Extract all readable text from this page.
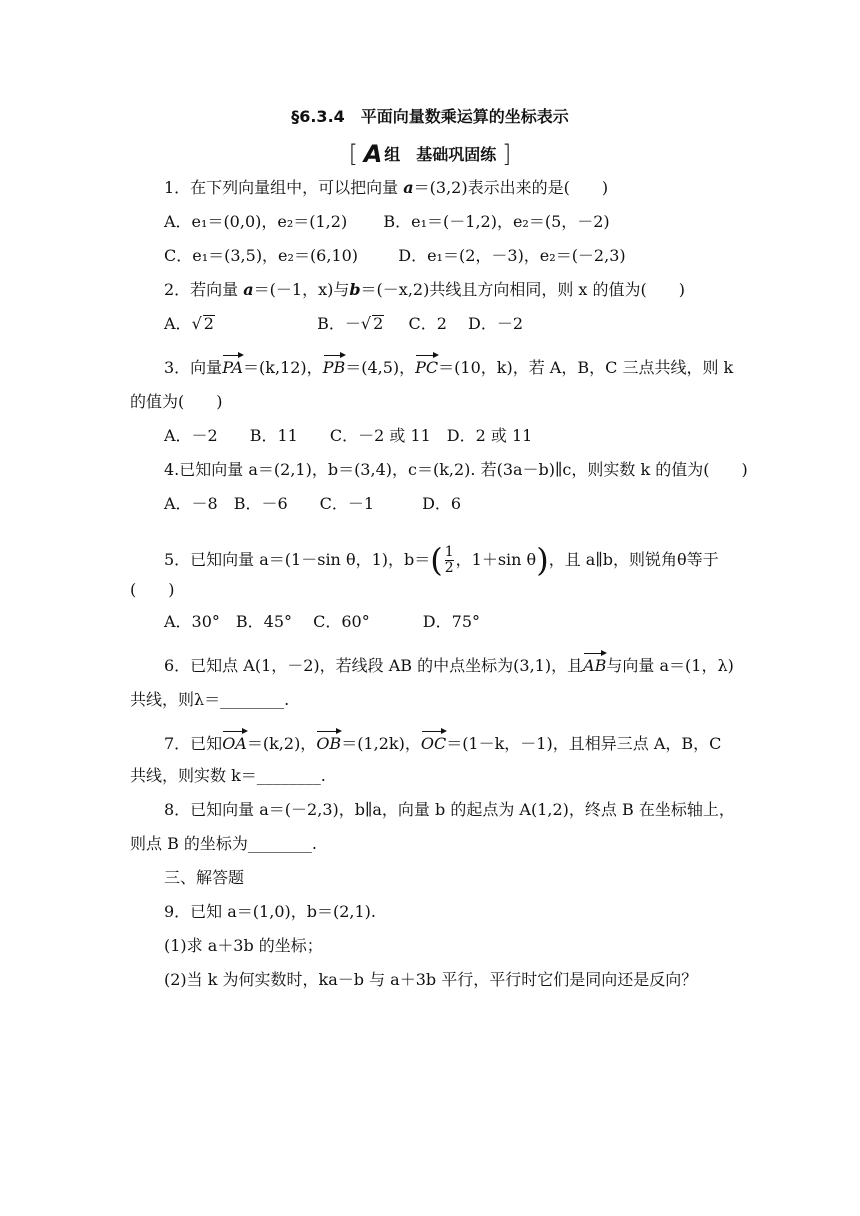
§6.3.4　平面向量数乘运算的坐标表示
[ A 组　基础巩固练 ]
1．在下列向量组中，可以把向量 a＝(3,2)表示出来的是(　　)
A．e₁＝(0,0)，e₂＝(1,2) B．e₁＝(－1,2)，e₂＝(5，－2)
C．e₁＝(3,5)，e₂＝(6,10)	D．e₁＝(2，－3)，e₂＝(－2,3)
2．若向量 a＝(－1，x)与b＝(－x,2)共线且方向相同，则 x 的值为(　　)
A．√ 2	B．－√ 2 C．2　 D．－2
3．向量PA＝(k,12)，PB＝(4,5)，PC＝(10，k)，若 A，B，C 三点共线，则 k
的值为(　　)
A．－2　　B．11　　C．－2 或 11　D．2 或 11
4.已知向量 a＝(2,1)，b＝(3,4)，c＝(k,2). 若(3a－b)∥c，则实数 k 的值为(　　)
A．－8　B．－6　　C．－1　　　D．6
5．已知向量 a＝(1－sin θ，1)，$b=( \frac{1}{2}$ ，1＋sin θ)，且 a∥b，则锐角θ等于
(　　)
A．30°　B．45°　 C．60°　　　 D．75°
6．已知点 A(1，－2)，若线段 AB 的中点坐标为(3,1)，且AB与向量 a＝(1，λ)
共线，则λ＝________.
7．已知OA＝(k,2)，OB＝(1,2k)，OC＝(1－k，－1)，且相异三点 A，B，C
共线，则实数 k＝________.
8．已知向量 a＝(－2,3)，b∥a，向量 b 的起点为 A(1,2)，终点 B 在坐标轴上，
则点 B 的坐标为________.
三、解答题
9．已知 a＝(1,0)，b＝(2,1).
(1)求 a＋3b 的坐标；
(2)当 k 为何实数时，ka－b 与 a＋3b 平行，平行时它们是同向还是反向？
